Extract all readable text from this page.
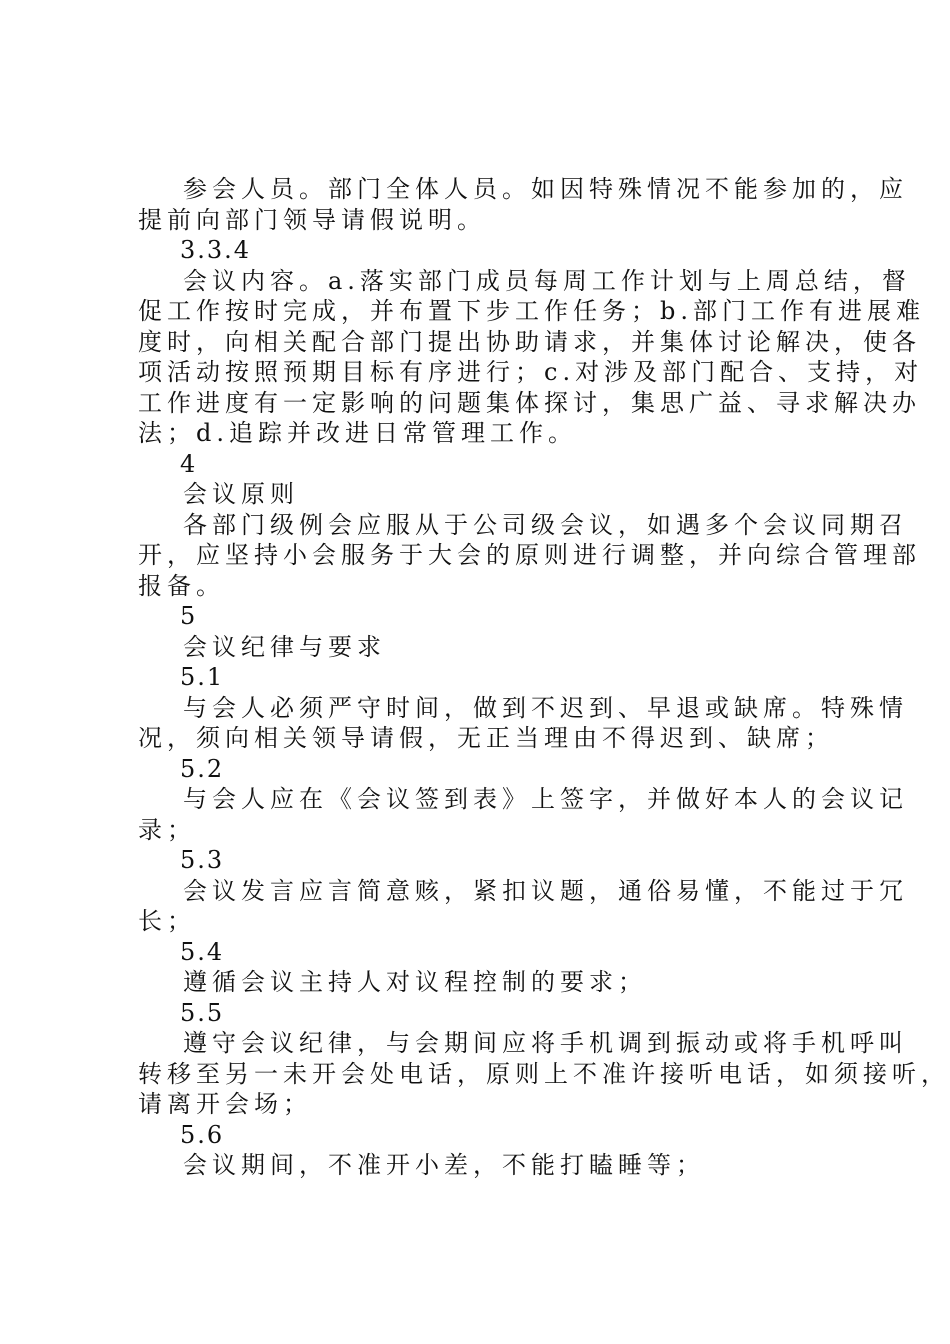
参会人员。部门全体人员。如因特殊情况不能参加的，应
提前向部门领导请假说明。
3.3.4
会议内容。a.落实部门成员每周工作计划与上周总结，督
促工作按时完成，并布置下步工作任务；b.部门工作有进展难
度时，向相关配合部门提出协助请求，并集体讨论解决，使各
项活动按照预期目标有序进行；c.对涉及部门配合、支持，对
工作进度有一定影响的问题集体探讨，集思广益、寻求解决办
法；d.追踪并改进日常管理工作。
4
会议原则
各部门级例会应服从于公司级会议，如遇多个会议同期召
开，应坚持小会服务于大会的原则进行调整，并向综合管理部
报备。
5
会议纪律与要求
5.1
与会人必须严守时间，做到不迟到、早退或缺席。特殊情
况，须向相关领导请假，无正当理由不得迟到、缺席；
5.2
与会人应在《会议签到表》上签字，并做好本人的会议记
录；
5.3
会议发言应言简意赅，紧扣议题，通俗易懂，不能过于冗
长；
5.4
遵循会议主持人对议程控制的要求；
5.5
遵守会议纪律，与会期间应将手机调到振动或将手机呼叫
转移至另一未开会处电话，原则上不准许接听电话，如须接听，
请离开会场；
5.6
会议期间，不准开小差，不能打瞌睡等；
